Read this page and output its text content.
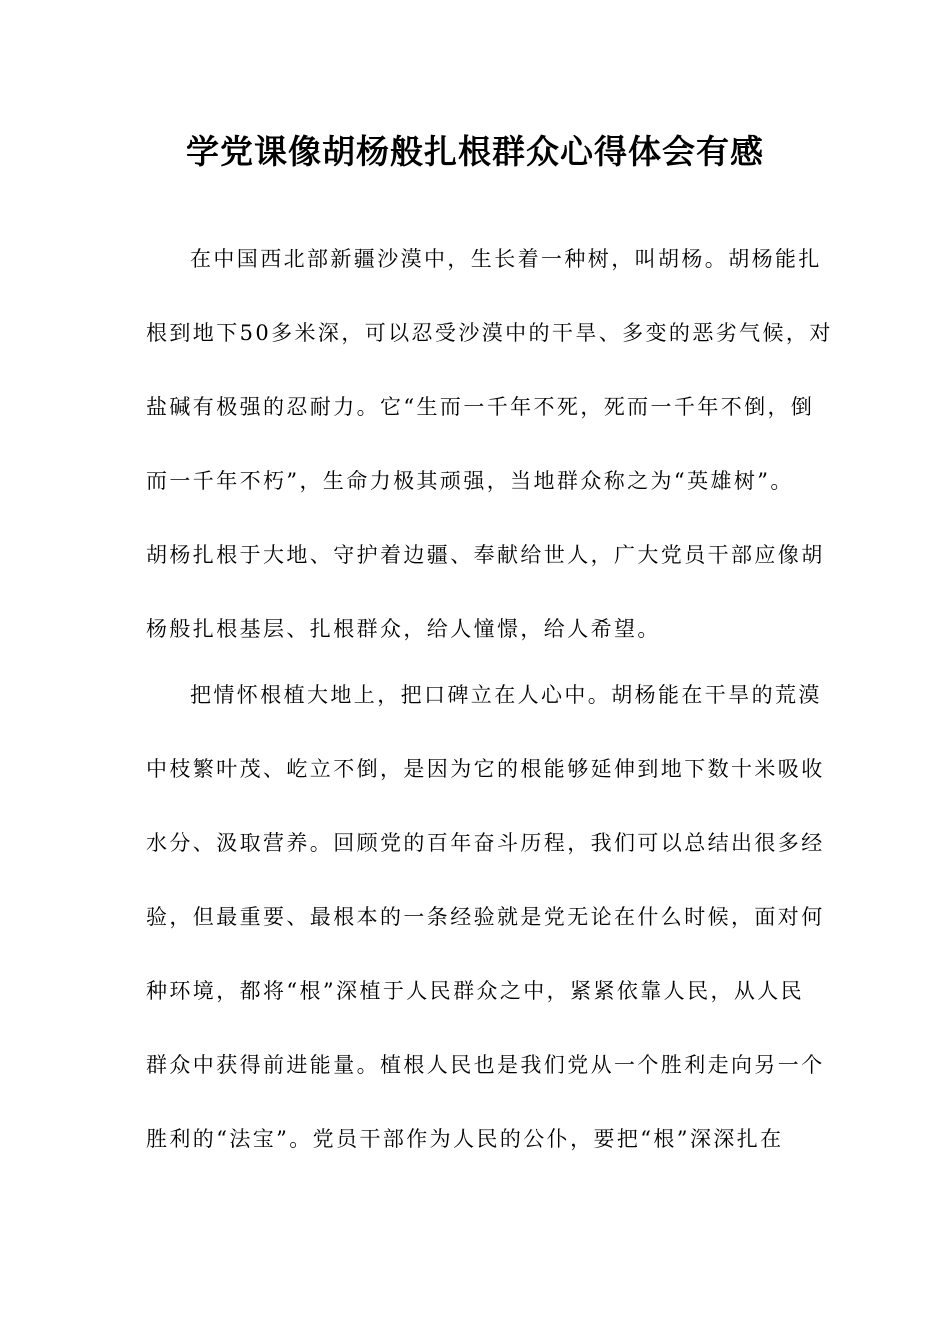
学党课像胡杨般扎根群众心得体会有感

在中国西北部新疆沙漠中，生长着一种树，叫胡杨。胡杨能扎

根到地下50多米深，可以忍受沙漠中的干旱、多变的恶劣气候，对

盐碱有极强的忍耐力。它“生而一千年不死，死而一千年不倒，倒

而一千年不朽”，生命力极其顽强，当地群众称之为“英雄树”。

胡杨扎根于大地、守护着边疆、奉献给世人，广大党员干部应像胡

杨般扎根基层、扎根群众，给人憧憬，给人希望。

把情怀根植大地上，把口碑立在人心中。胡杨能在干旱的荒漠

中枝繁叶茂、屹立不倒，是因为它的根能够延伸到地下数十米吸收

水分、汲取营养。回顾党的百年奋斗历程，我们可以总结出很多经

验，但最重要、最根本的一条经验就是党无论在什么时候，面对何

种环境，都将“根”深植于人民群众之中，紧紧依靠人民，从人民

群众中获得前进能量。植根人民也是我们党从一个胜利走向另一个

胜利的“法宝”。党员干部作为人民的公仆，要把“根”深深扎在
